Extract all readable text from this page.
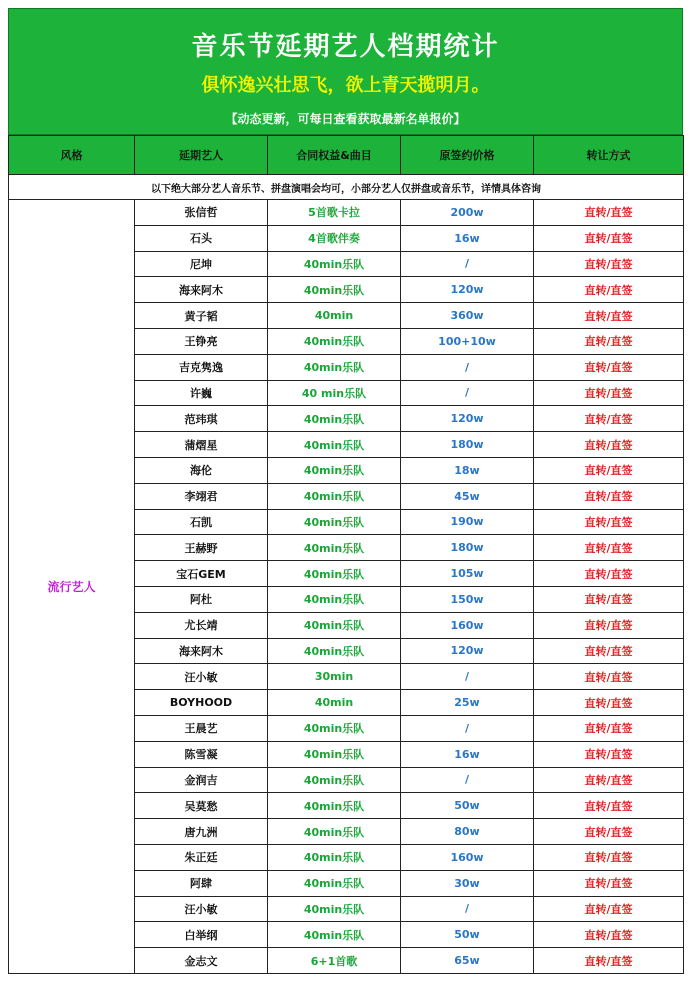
音乐节延期艺人档期统计
俱怀逸兴壮思飞，欲上青天揽明月。
【动态更新，可每日查看获取最新名单报价】
风格	延期艺人	合同权益&曲目	原签约价格	转让方式
以下绝大部分艺人音乐节、拼盘演唱会均可，小部分艺人仅拼盘或音乐节，详情具体咨询				
流行艺人	张信哲	5首歌卡拉	200w	直转/直签
	石头	4首歌伴奏	16w	直转/直签
	尼坤	40min乐队	/	直转/直签
	海来阿木	40min乐队	120w	直转/直签
	黄子韬	40min	360w	直转/直签
	王铮亮	40min乐队	100+10w	直转/直签
	吉克隽逸	40min乐队	/	直转/直签
	许巍	40 min乐队	/	直转/直签
	范玮琪	40min乐队	120w	直转/直签
	蒲熠星	40min乐队	180w	直转/直签
	海伦	40min乐队	18w	直转/直签
	李翊君	40min乐队	45w	直转/直签
	石凯	40min乐队	190w	直转/直签
	王赫野	40min乐队	180w	直转/直签
	宝石GEM	40min乐队	105w	直转/直签
	阿杜	40min乐队	150w	直转/直签
	尤长靖	40min乐队	160w	直转/直签
	海来阿木	40min乐队	120w	直转/直签
	汪小敏	30min	/	直转/直签
	BOYHOOD	40min	25w	直转/直签
	王晨艺	40min乐队	/	直转/直签
	陈雪凝	40min乐队	16w	直转/直签
	金润吉	40min乐队	/	直转/直签
	吴莫愁	40min乐队	50w	直转/直签
	唐九洲	40min乐队	80w	直转/直签
	朱正廷	40min乐队	160w	直转/直签
	阿肆	40min乐队	30w	直转/直签
	汪小敏	40min乐队	/	直转/直签
	白举纲	40min乐队	50w	直转/直签
	金志文	6+1首歌	65w	直转/直签
